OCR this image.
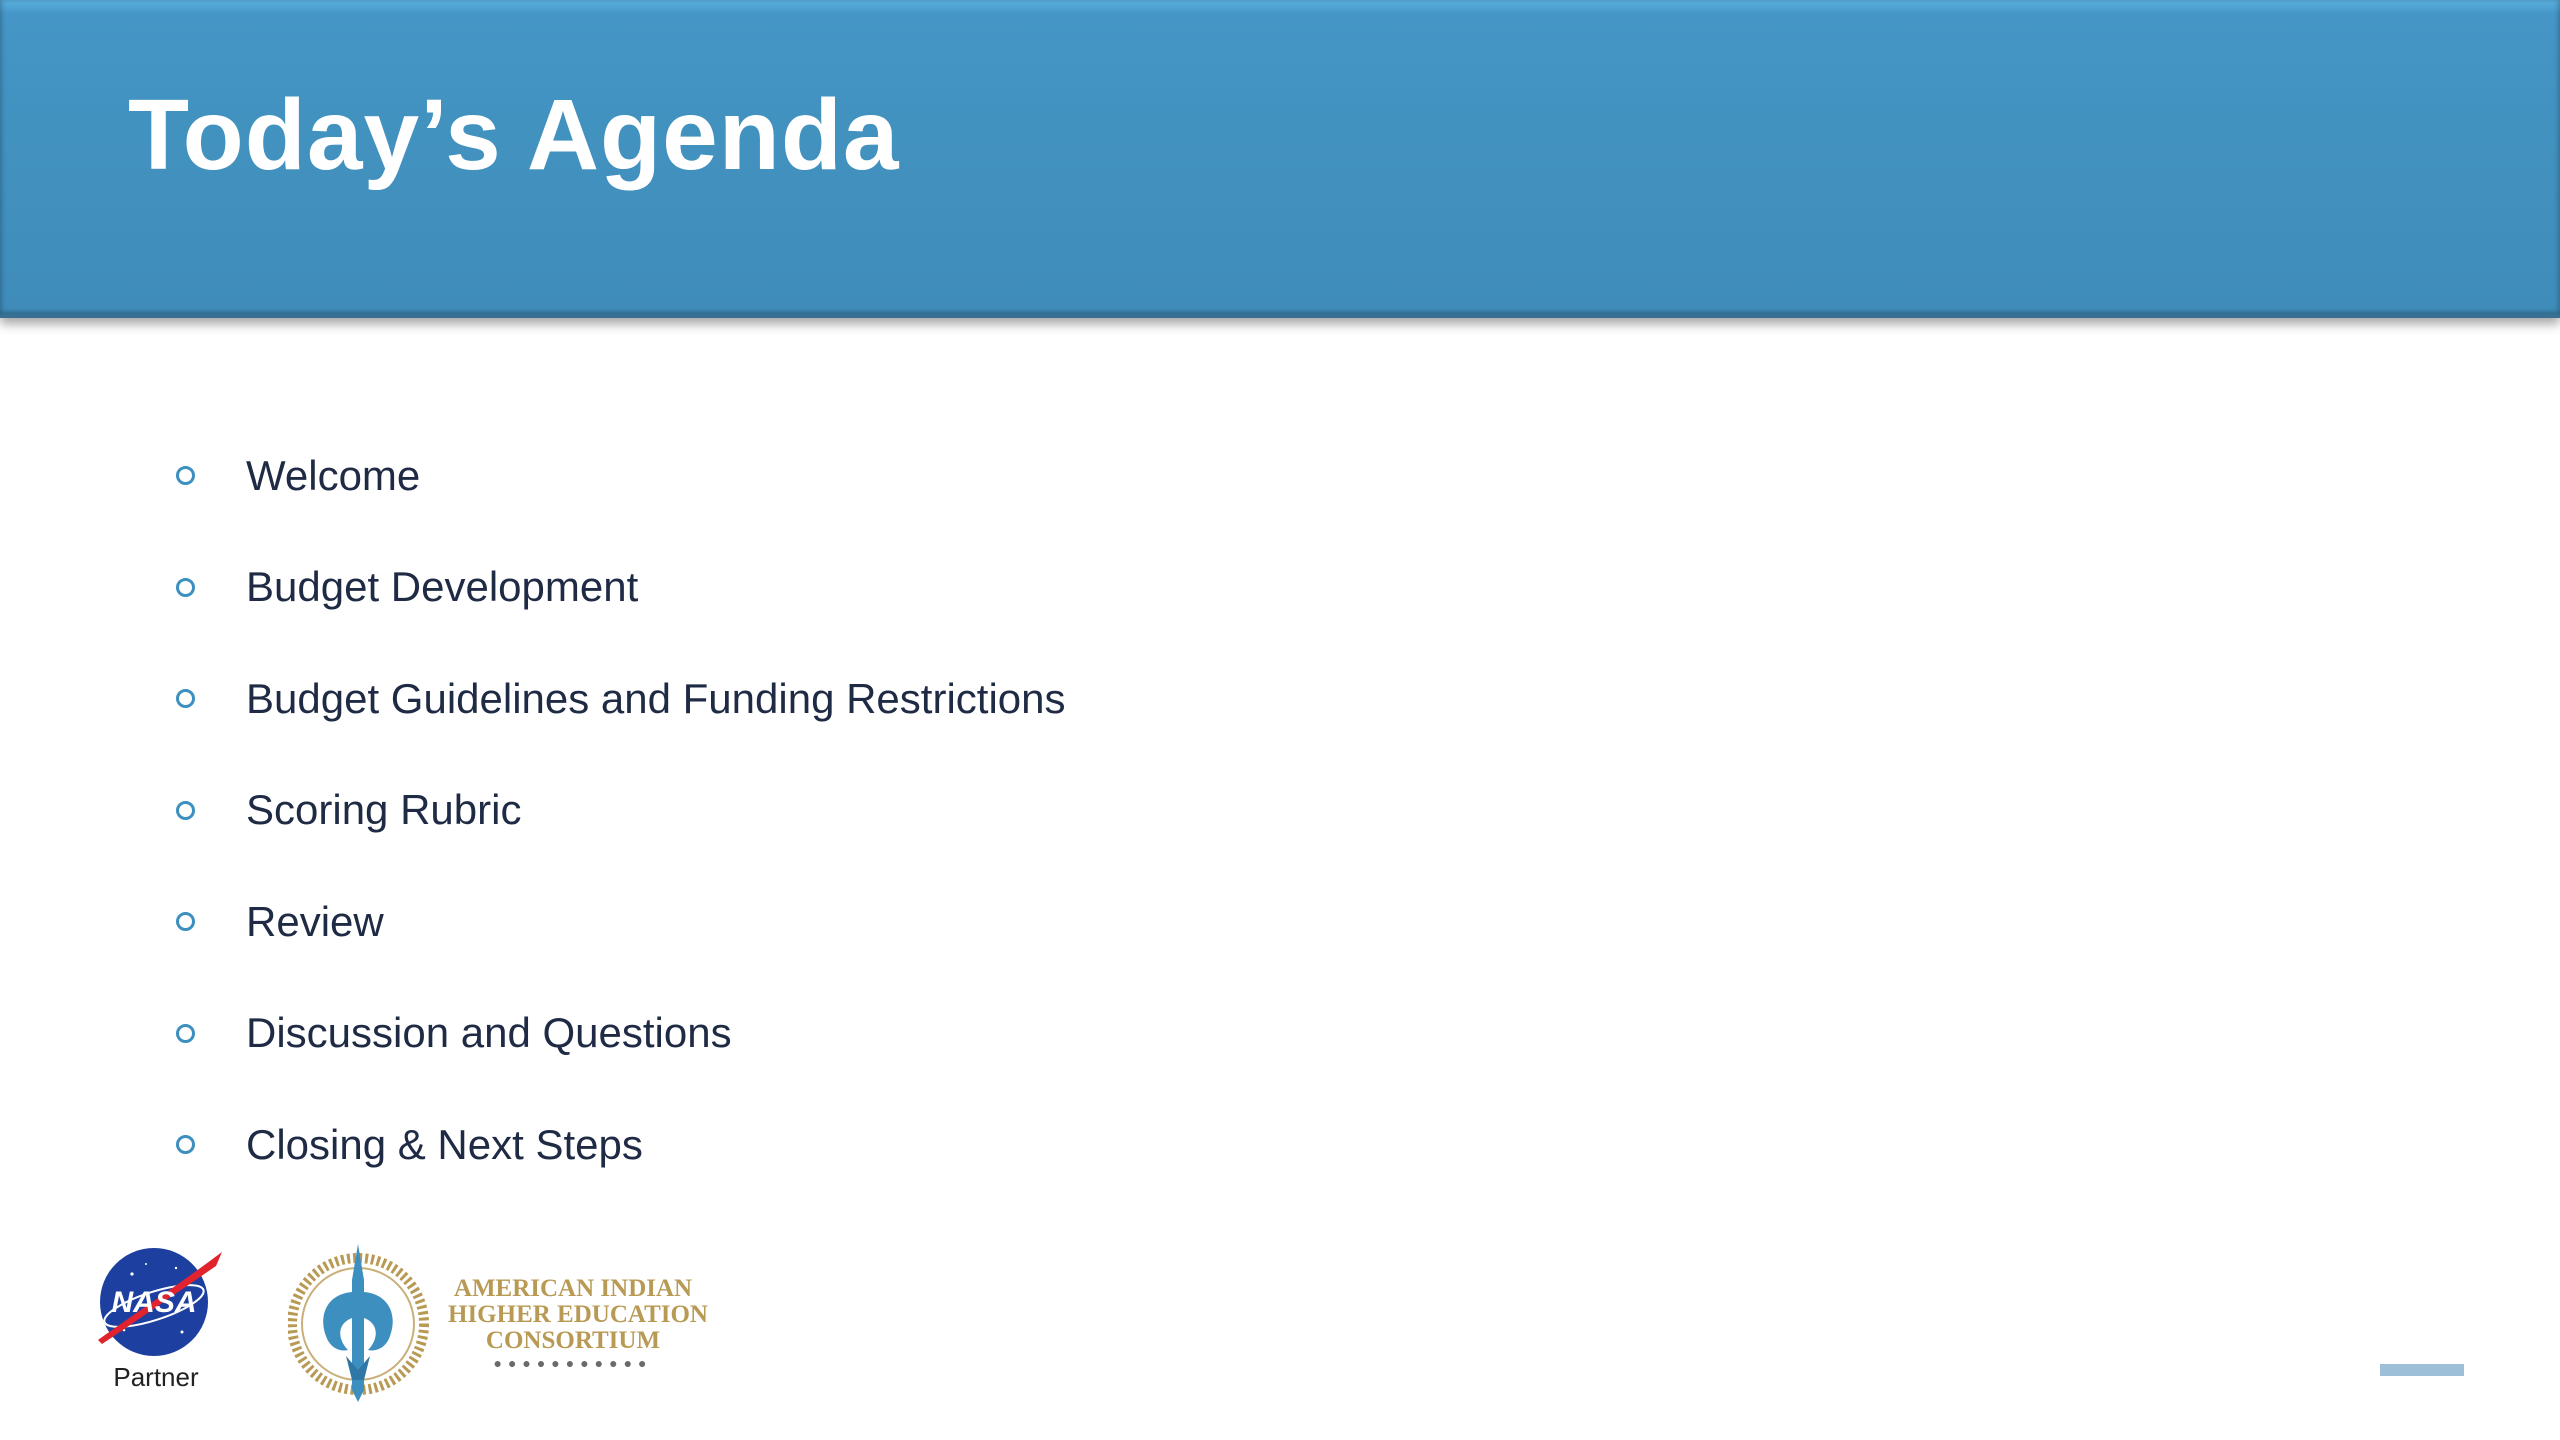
Today’s Agenda
Welcome
Budget Development
Budget Guidelines and Funding Restrictions
Scoring Rubric
Review
Discussion and Questions
Closing & Next Steps
NASA
Partner
AMERICAN INDIAN
HIGHER EDUCATION
CONSORTIUM
●●●●●●●●●●●
